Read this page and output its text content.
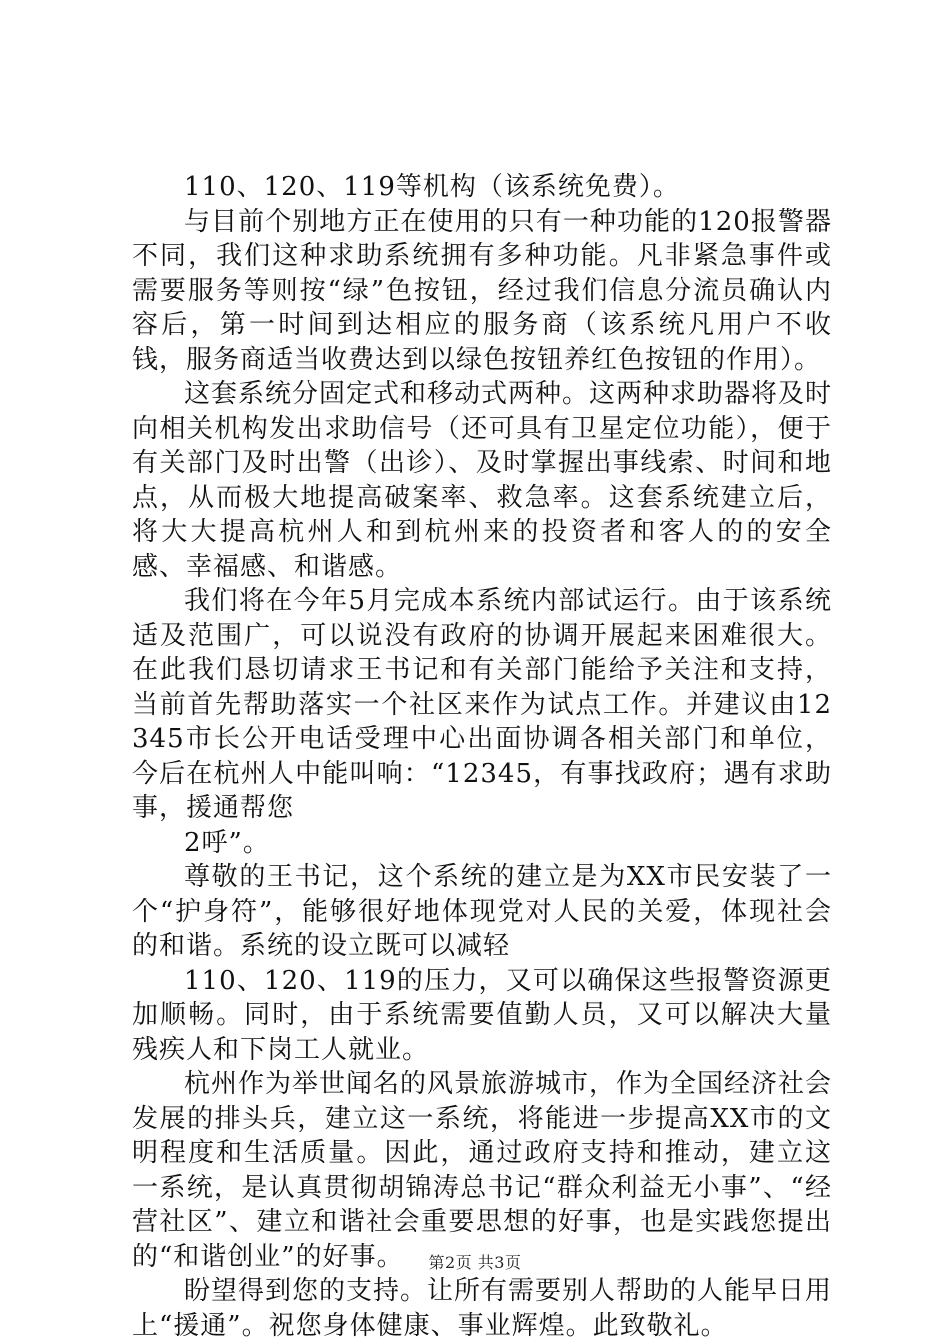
110、120、119等机构（该系统免费）。

与目前个别地方正在使用的只有一种功能的120报警器不同，我们这种求助系统拥有多种功能。凡非紧急事件或需要服务等则按“绿”色按钮，经过我们信息分流员确认内容后，第一时间到达相应的服务商（该系统凡用户不收钱，服务商适当收费达到以绿色按钮养红色按钮的作用）。

这套系统分固定式和移动式两种。这两种求助器将及时向相关机构发出求助信号（还可具有卫星定位功能），便于有关部门及时出警（出诊）、及时掌握出事线索、时间和地点，从而极大地提高破案率、救急率。这套系统建立后，将大大提高杭州人和到杭州来的投资者和客人的的安全感、幸福感、和谐感。

我们将在今年5月完成本系统内部试运行。由于该系统适及范围广，可以说没有政府的协调开展起来困难很大。在此我们恳切请求王书记和有关部门能给予关注和支持，当前首先帮助落实一个社区来作为试点工作。并建议由12345市长公开电话受理中心出面协调各相关部门和单位，今后在杭州人中能叫响：“12345，有事找政府；遇有求助事，援通帮您

2呼”。

尊敬的王书记，这个系统的建立是为XX市民安装了一个“护身符”，能够很好地体现党对人民的关爱，体现社会的和谐。系统的设立既可以减轻

110、120、119的压力，又可以确保这些报警资源更加顺畅。同时，由于系统需要值勤人员，又可以解决大量残疾人和下岗工人就业。

杭州作为举世闻名的风景旅游城市，作为全国经济社会发展的排头兵，建立这一系统，将能进一步提高XX市的文明程度和生活质量。因此，通过政府支持和推动，建立这一系统，是认真贯彻胡锦涛总书记“群众利益无小事”、“经营社区”、建立和谐社会重要思想的好事，也是实践您提出的“和谐创业”的好事。

盼望得到您的支持。让所有需要别人帮助的人能早日用上“援通”。祝您身体健康、事业辉煌。此致敬礼。

第2页 共3页
